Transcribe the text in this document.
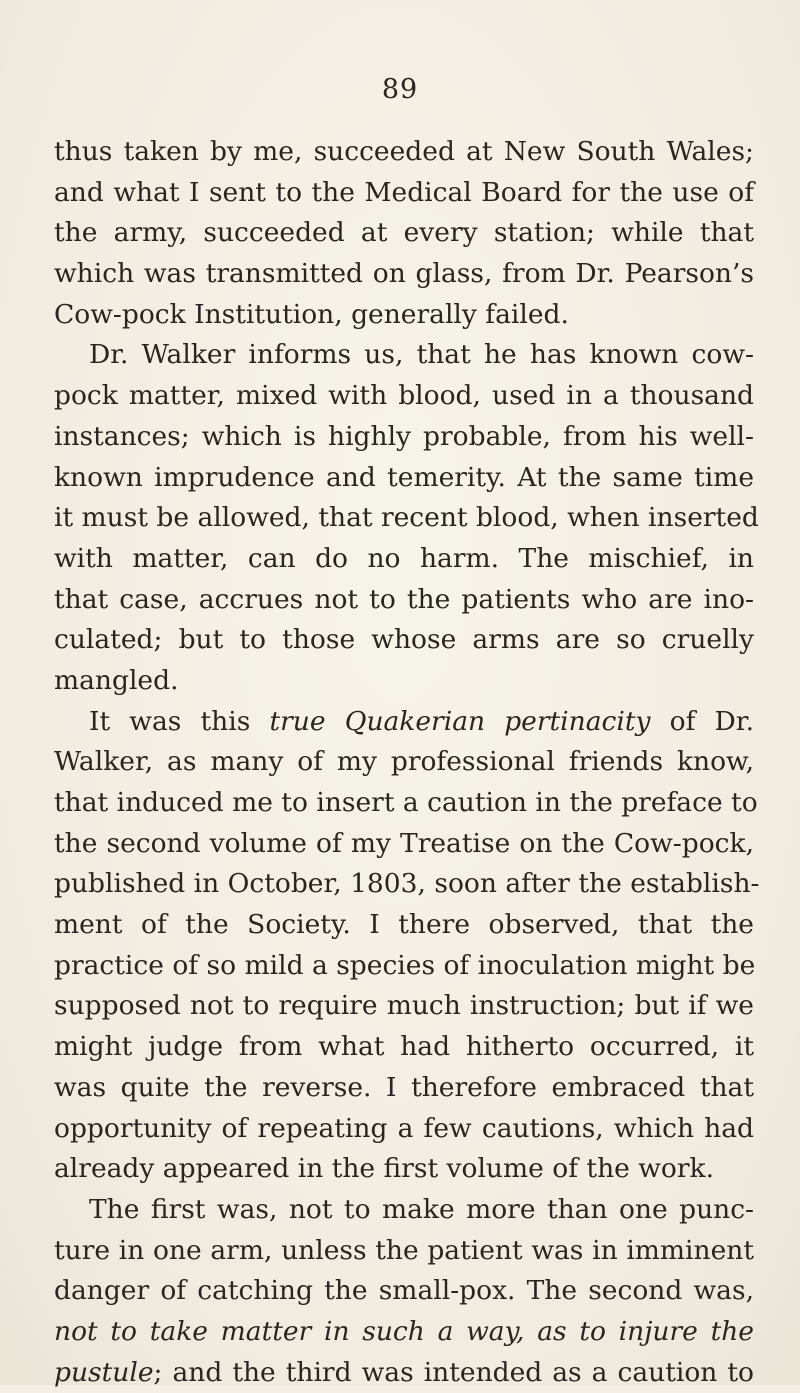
89
thus taken by me, succeeded at New South Wales;
and what I sent to the Medical Board for the use of
the army, succeeded at every station; while that
which was transmitted on glass, from Dr. Pearson’s
Cow-pock Institution, generally failed.
Dr. Walker informs us, that he has known cow-
pock matter, mixed with blood, used in a thousand
instances; which is highly probable, from his well-
known imprudence and temerity. At the same time
it must be allowed, that recent blood, when inserted
with matter, can do no harm. The mischief, in
that case, accrues not to the patients who are ino-
culated; but to those whose arms are so cruelly
mangled.
It was this true Quakerian pertinacity of Dr.
Walker, as many of my professional friends know,
that induced me to insert a caution in the preface to
the second volume of my Treatise on the Cow-pock,
published in October, 1803, soon after the establish-
ment of the Society. I there observed, that the
practice of so mild a species of inoculation might be
supposed not to require much instruction; but if we
might judge from what had hitherto occurred, it
was quite the reverse. I therefore embraced that
opportunity of repeating a few cautions, which had
already appeared in the first volume of the work.
The first was, not to make more than one punc-
ture in one arm, unless the patient was in imminent
danger of catching the small-pox. The second was,
not to take matter in such a way, as to injure the
pustule; and the third was intended as a caution to
